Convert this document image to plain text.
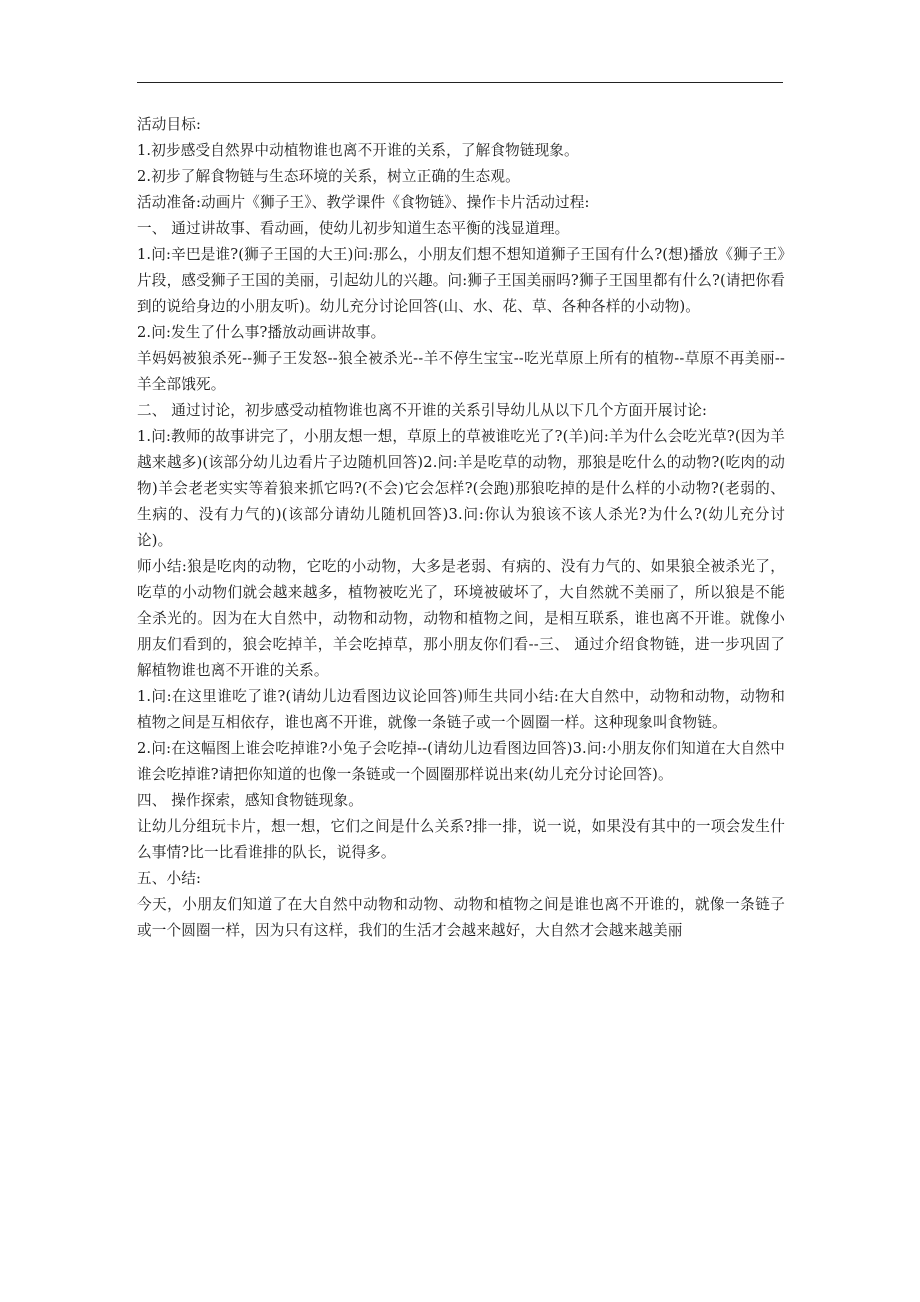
活动目标:

1.初步感受自然界中动植物谁也离不开谁的关系，了解食物链现象。

2.初步了解食物链与生态环境的关系，树立正确的生态观。

活动准备:动画片《狮子王》、教学课件《食物链》、操作卡片活动过程:

一、 通过讲故事、看动画，使幼儿初步知道生态平衡的浅显道理。

1.问:辛巴是谁?(狮子王国的大王)问:那么，小朋友们想不想知道狮子王国有什么?(想)播放《狮子王》片段，感受狮子王国的美丽，引起幼儿的兴趣。问:狮子王国美丽吗?狮子王国里都有什么?(请把你看到的说给身边的小朋友听)。幼儿充分讨论回答(山、水、花、草、各种各样的小动物)。

2.问:发生了什么事?播放动画讲故事。

羊妈妈被狼杀死--狮子王发怒--狼全被杀光--羊不停生宝宝--吃光草原上所有的植物--草原不再美丽--羊全部饿死。

二、 通过讨论，初步感受动植物谁也离不开谁的关系引导幼儿从以下几个方面开展讨论:

1.问:教师的故事讲完了，小朋友想一想，草原上的草被谁吃光了?(羊)问:羊为什么会吃光草?(因为羊越来越多)(该部分幼儿边看片子边随机回答)2.问:羊是吃草的动物，那狼是吃什么的动物?(吃肉的动物)羊会老老实实等着狼来抓它吗?(不会)它会怎样?(会跑)那狼吃掉的是什么样的小动物?(老弱的、生病的、没有力气的)(该部分请幼儿随机回答)3.问:你认为狼该不该人杀光?为什么?(幼儿充分讨论)。

师小结:狼是吃肉的动物，它吃的小动物，大多是老弱、有病的、没有力气的、如果狼全被杀光了，吃草的小动物们就会越来越多，植物被吃光了，环境被破坏了，大自然就不美丽了，所以狼是不能全杀光的。因为在大自然中，动物和动物，动物和植物之间，是相互联系，谁也离不开谁。就像小朋友们看到的，狼会吃掉羊，羊会吃掉草，那小朋友你们看--三、 通过介绍食物链，进一步巩固了解植物谁也离不开谁的关系。

1.问:在这里谁吃了谁?(请幼儿边看图边议论回答)师生共同小结:在大自然中，动物和动物，动物和植物之间是互相依存，谁也离不开谁，就像一条链子或一个圆圈一样。这种现象叫食物链。

2.问:在这幅图上谁会吃掉谁?小兔子会吃掉--(请幼儿边看图边回答)3.问:小朋友你们知道在大自然中谁会吃掉谁?请把你知道的也像一条链或一个圆圈那样说出来(幼儿充分讨论回答)。

四、 操作探索，感知食物链现象。

让幼儿分组玩卡片，想一想，它们之间是什么关系?排一排，说一说，如果没有其中的一项会发生什么事情?比一比看谁排的队长，说得多。

五、小结:

今天，小朋友们知道了在大自然中动物和动物、动物和植物之间是谁也离不开谁的，就像一条链子或一个圆圈一样，因为只有这样，我们的生活才会越来越好，大自然才会越来越美丽
